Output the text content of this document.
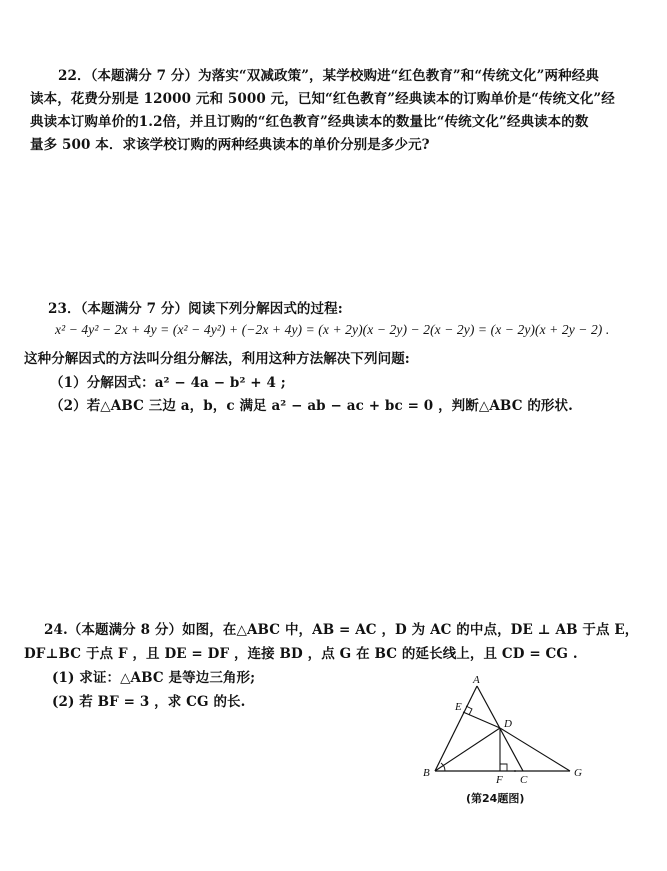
22．（本题满分 7 分）为落实“双减政策”，某学校购进“红色教育”和“传统文化”两种经典
读本，花费分别是 12000 元和 5000 元，已知“红色教育”经典读本的订购单价是“传统文化”经
典读本订购单价的1.2倍，并且订购的“红色教育”经典读本的数量比“传统文化”经典读本的数
量多 500 本．求该学校订购的两种经典读本的单价分别是多少元?
23．（本题满分 7 分）阅读下列分解因式的过程:
x² − 4y² − 2x + 4y = (x² − 4y²) + (−2x + 4y) = (x + 2y)(x − 2y) − 2(x − 2y) = (x − 2y)(x + 2y − 2) .
这种分解因式的方法叫分组分解法，利用这种方法解决下列问题:
（1）分解因式：a² − 4a − b² + 4 ;
（2）若△ABC 三边 a，b，c 满足 a² − ab − ac + bc = 0 ，判断△ABC 的形状.
24.（本题满分 8 分）如图，在△ABC 中，AB = AC ，D 为 AC 的中点，DE ⊥ AB 于点 E，
DF⊥BC 于点 F ，且 DE = DF ，连接 BD ，点 G 在 BC 的延长线上，且 CD = CG .
(1) 求证：△ABC 是等边三角形;
(2) 若 BF = 3 ，求 CG 的长.
A
E
D
B
F C
G
(第24题图)
